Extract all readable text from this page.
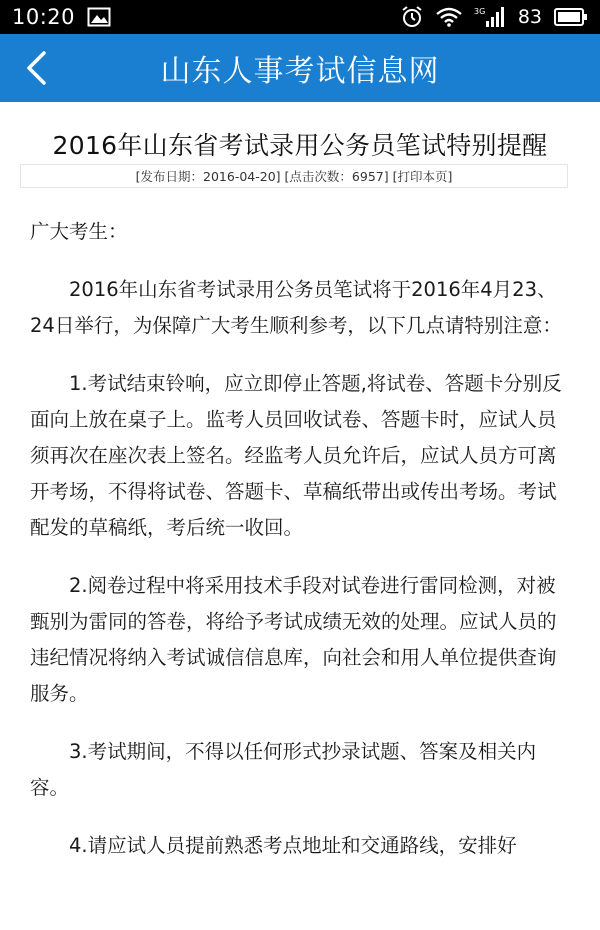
10:20	3G 83
山东人事考试信息网
2016年山东省考试录用公务员笔试特别提醒
[发布日期：2016-04-20] [点击次数：6957] [打印本页]

广大考生：

2016年山东省考试录用公务员笔试将于2016年4月23、24日举行，为保障广大考生顺利参考，以下几点请特别注意：

1.考试结束铃响，应立即停止答题,将试卷、答题卡分别反面向上放在桌子上。监考人员回收试卷、答题卡时，应试人员须再次在座次表上签名。经监考人员允许后，应试人员方可离开考场，不得将试卷、答题卡、草稿纸带出或传出考场。考试配发的草稿纸，考后统一收回。

2.阅卷过程中将采用技术手段对试卷进行雷同检测，对被甄别为雷同的答卷，将给予考试成绩无效的处理。应试人员的违纪情况将纳入考试诚信信息库，向社会和用人单位提供查询服务。

3.考试期间，不得以任何形式抄录试题、答案及相关内容。

4.请应试人员提前熟悉考点地址和交通路线，安排好
